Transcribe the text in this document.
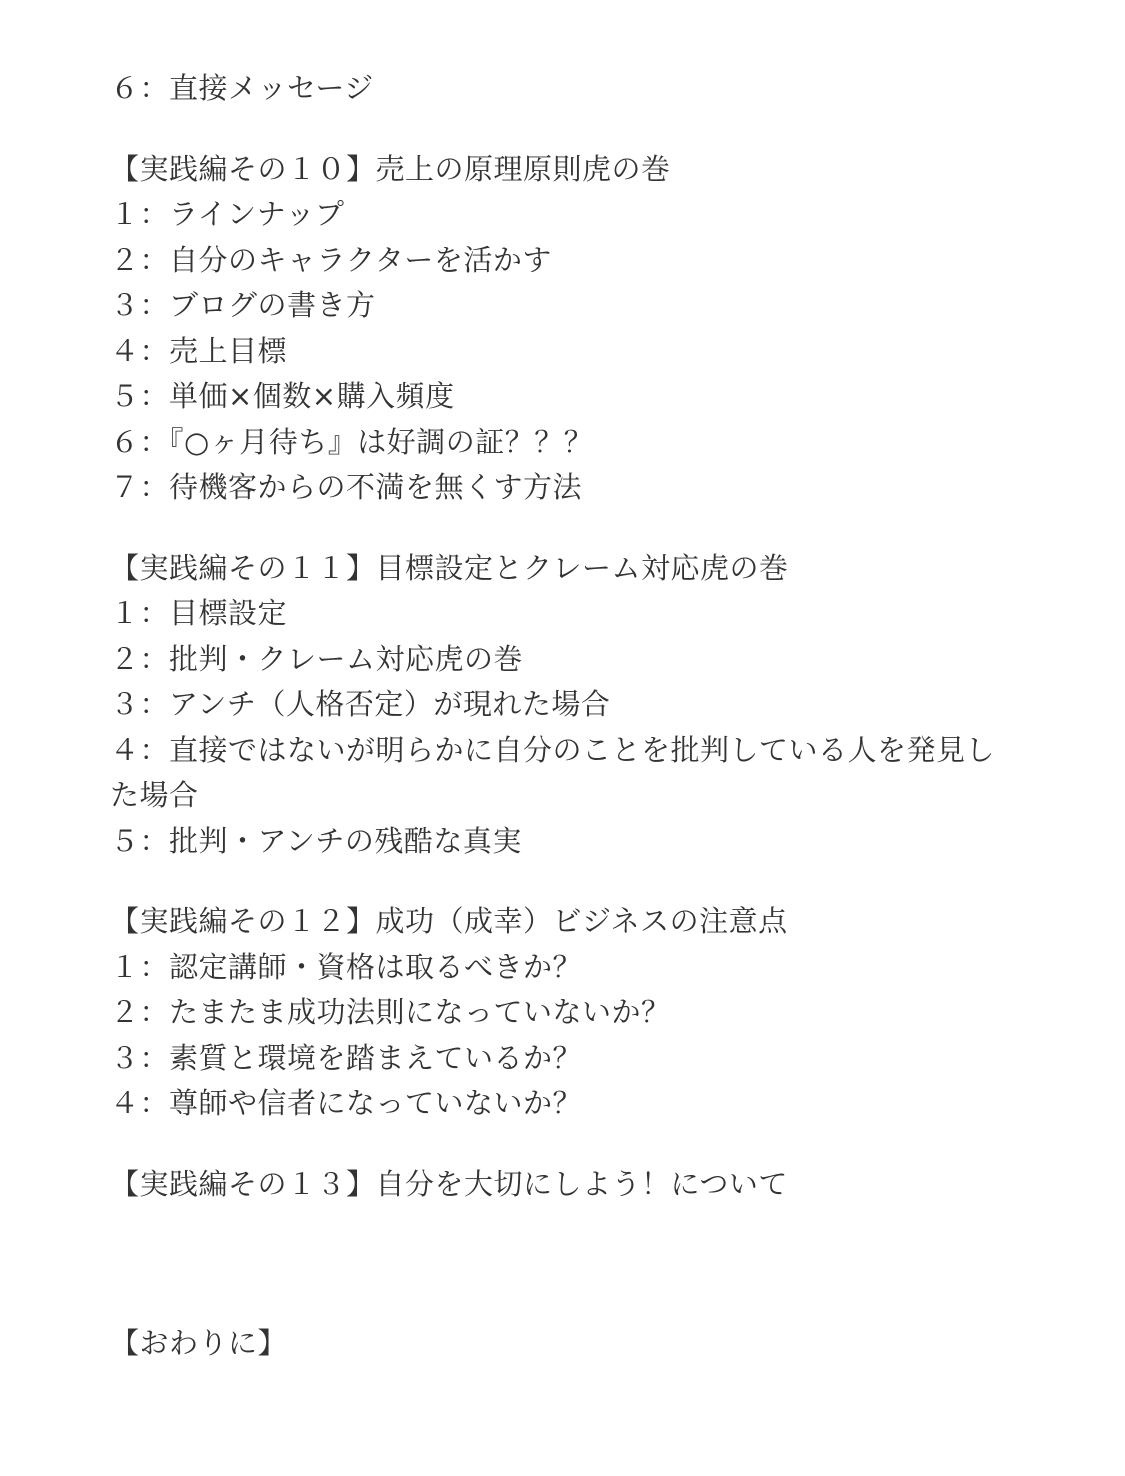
６：直接メッセージ

【実践編その１０】売上の原理原則虎の巻

１：ラインナップ

２：自分のキャラクターを活かす

３：ブログの書き方

４：売上目標

５：単価×個数×購入頻度

６：『○ヶ月待ち』は好調の証？？？

７：待機客からの不満を無くす方法

【実践編その１１】目標設定とクレーム対応虎の巻

１：目標設定

２：批判・クレーム対応虎の巻

３：アンチ（人格否定）が現れた場合

４：直接ではないが明らかに自分のことを批判している人を発見した場合

５：批判・アンチの残酷な真実

【実践編その１２】成功（成幸）ビジネスの注意点

１：認定講師・資格は取るべきか？

２：たまたま成功法則になっていないか？

３：素質と環境を踏まえているか？

４：尊師や信者になっていないか？

【実践編その１３】自分を大切にしよう！について

【おわりに】
